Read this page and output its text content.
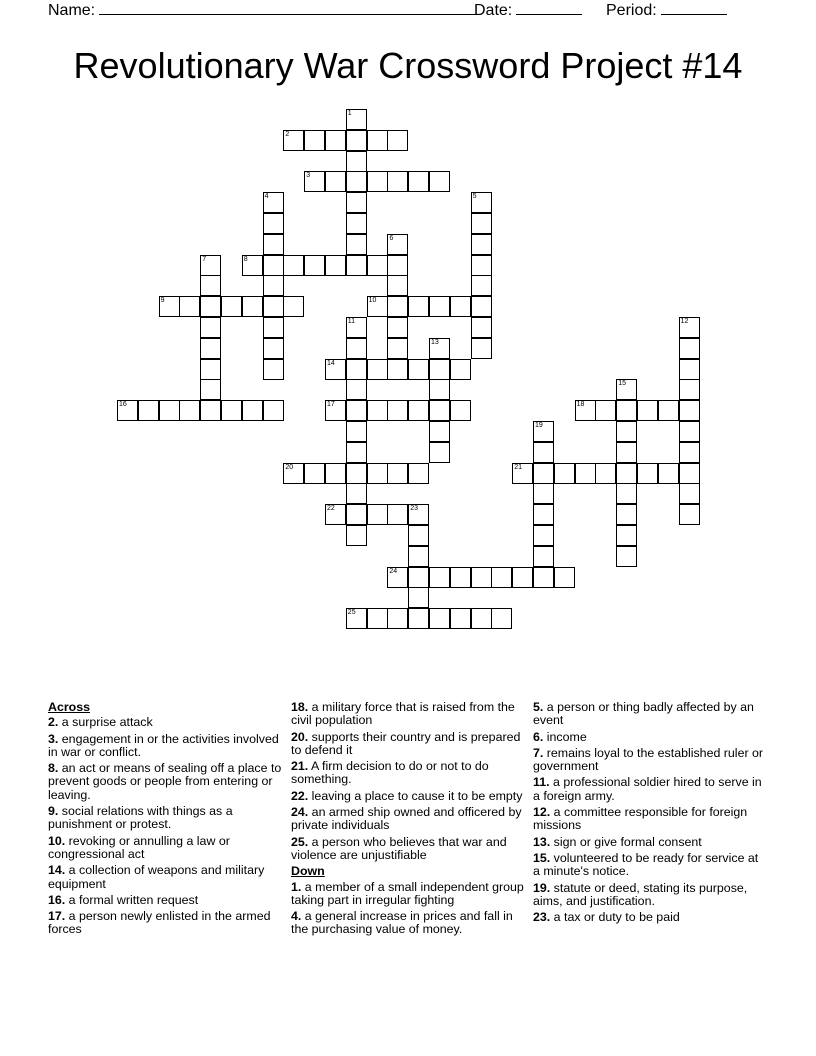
Name:	Date:	Period:
Revolutionary War Crossword Project #14
1
2
3
4	5
6
7	8
9	10
11	12
13
14
15
16	17	18
19
20	21
22	23
24
25
Across
2. a surprise attack
3. engagement in or the activities involved in war or conflict.
8. an act or means of sealing off a place to prevent goods or people from entering or leaving.
9. social relations with things as a punishment or protest.
10. revoking or annulling a law or congressional act
14. a collection of weapons and military equipment
16. a formal written request
17. a person newly enlisted in the armed forces
18. a military force that is raised from the civil population
20. supports their country and is prepared to defend it
21. A firm decision to do or not to do something.
22. leaving a place to cause it to be empty
24. an armed ship owned and officered by private individuals
25. a person who believes that war and violence are unjustifiable
Down
1. a member of a small independent group taking part in irregular fighting
4. a general increase in prices and fall in the purchasing value of money.
5. a person or thing badly affected by an event
6. income
7. remains loyal to the established ruler or government
11. a professional soldier hired to serve in a foreign army.
12. a committee responsible for foreign missions
13. sign or give formal consent
15. volunteered to be ready for service at a minute's notice.
19. statute or deed, stating its purpose, aims, and justification.
23. a tax or duty to be paid
